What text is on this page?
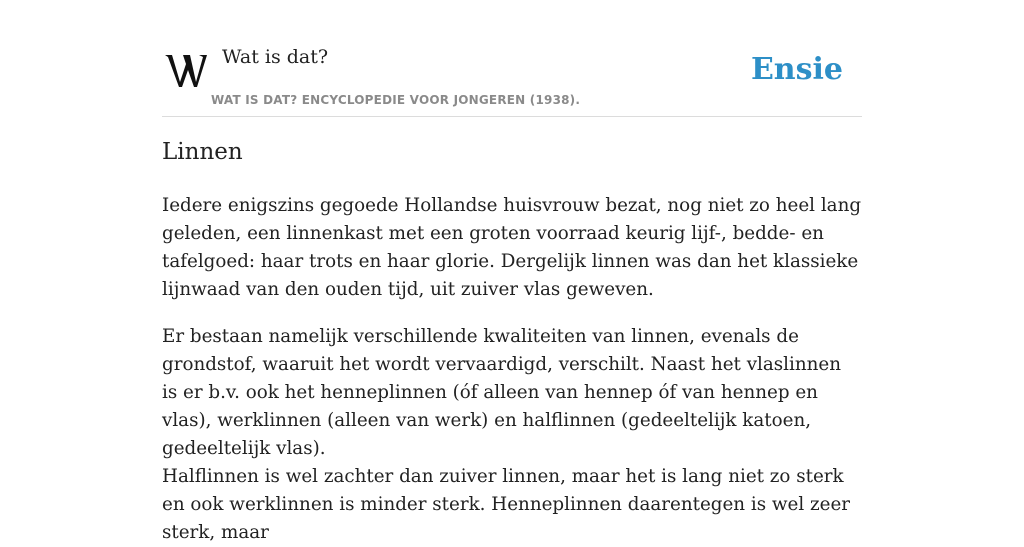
Wat is dat?
WAT IS DAT? ENCYCLOPEDIE VOOR JONGEREN (1938).
Ensie
Linnen

Iedere enigszins gegoede Hollandse huisvrouw bezat, nog niet zo heel lang geleden, een linnenkast met een groten voorraad keurig lijf-, bedde- en tafelgoed: haar trots en haar glorie. Dergelijk linnen was dan het klassieke lijnwaad van den ouden tijd, uit zuiver vlas geweven.

Er bestaan namelijk verschillende kwaliteiten van linnen, evenals de grondstof, waaruit het wordt vervaardigd, verschilt. Naast het vlaslinnen is er b.v. ook het henneplinnen (óf alleen van hennep óf van hennep en vlas), werklinnen (alleen van werk) en halflinnen (gedeeltelijk katoen, gedeeltelijk vlas).

Halflinnen is wel zachter dan zuiver linnen, maar het is lang niet zo sterk en ook werklinnen is minder sterk. Henneplinnen daarentegen is wel zeer sterk, maar
